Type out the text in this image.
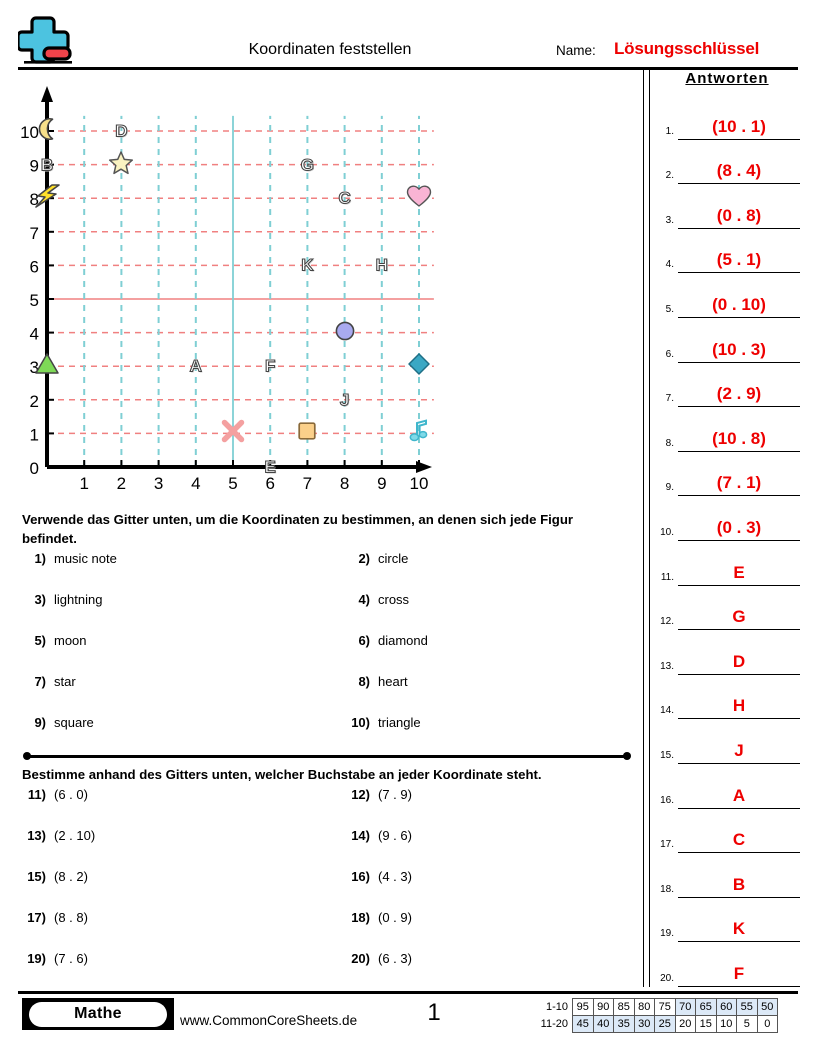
Koordinaten feststellen	Name: Lösungsschlüssel
0
1
2
3
4
5
6
7
8
9
10
1 2 3 4 5 6 7 8 9 10
B
D
A
E
F
K
G
J
C
H
Verwende das Gitter unten, um die Koordinaten zu bestimmen, an denen sich jede Figur befindet.
1) music note	2) circle
3) lightning	4) cross
5) moon	6) diamond
7) star	8) heart
9) square	10) triangle
Bestimme anhand des Gitters unten, welcher Buchstabe an jeder Koordinate steht.
11) (6 . 0)	12) (7 . 9)
13) (2 . 10)	14) (9 . 6)
15) (8 . 2)	16) (4 . 3)
17) (8 . 8)	18) (0 . 9)
19) (7 . 6)	20) (6 . 3)
Antworten
1.	(10 . 1)
2.	(8 . 4)
3.	(0 . 8)
4.	(5 . 1)
5.	(0 . 10)
6.	(10 . 3)
7.	(2 . 9)
8.	(10 . 8)
9.	(7 . 1)
10.	(0 . 3)
11.	E
12.	G
13.	D
14.	H
15.	J
16.	A
17.	C
18.	B
19.	K
20.	F
Mathe	www.CommonCoreSheets.de	1	1-10 95 90 85 80 75 70 65 60 55 50
11-20 45 40 35 30 25 20 15 10	5	0
